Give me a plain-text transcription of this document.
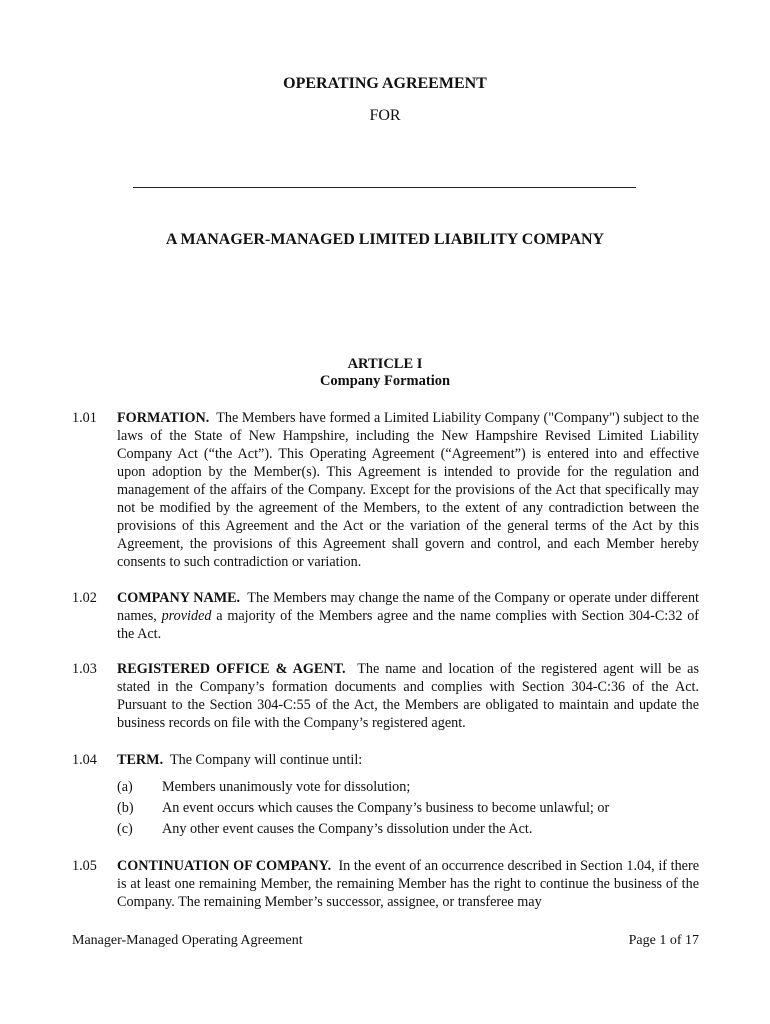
OPERATING AGREEMENT
FOR
A MANAGER-MANAGED LIMITED LIABILITY COMPANY
ARTICLE I
Company Formation
1.01 FORMATION. The Members have formed a Limited Liability Company ("Company") subject to the laws of the State of New Hampshire, including the New Hampshire Revised Limited Liability Company Act (“the Act”). This Operating Agreement (“Agreement”) is entered into and effective upon adoption by the Member(s). This Agreement is intended to provide for the regulation and management of the affairs of the Company. Except for the provisions of the Act that specifically may not be modified by the agreement of the Members, to the extent of any contradiction between the provisions of this Agreement and the Act or the variation of the general terms of the Act by this Agreement, the provisions of this Agreement shall govern and control, and each Member hereby consents to such contradiction or variation.
1.02 COMPANY NAME. The Members may change the name of the Company or operate under different names, provided a majority of the Members agree and the name complies with Section 304-C:32 of the Act.
1.03 REGISTERED OFFICE & AGENT. The name and location of the registered agent will be as stated in the Company’s formation documents and complies with Section 304-C:36 of the Act. Pursuant to the Section 304-C:55 of the Act, the Members are obligated to maintain and update the business records on file with the Company’s registered agent.
1.04 TERM. The Company will continue until:
(a) Members unanimously vote for dissolution;
(b) An event occurs which causes the Company’s business to become unlawful; or
(c) Any other event causes the Company’s dissolution under the Act.
1.05 CONTINUATION OF COMPANY. In the event of an occurrence described in Section 1.04, if there is at least one remaining Member, the remaining Member has the right to continue the business of the Company. The remaining Member’s successor, assignee, or transferee may
Manager-Managed Operating Agreement	Page 1 of 17
